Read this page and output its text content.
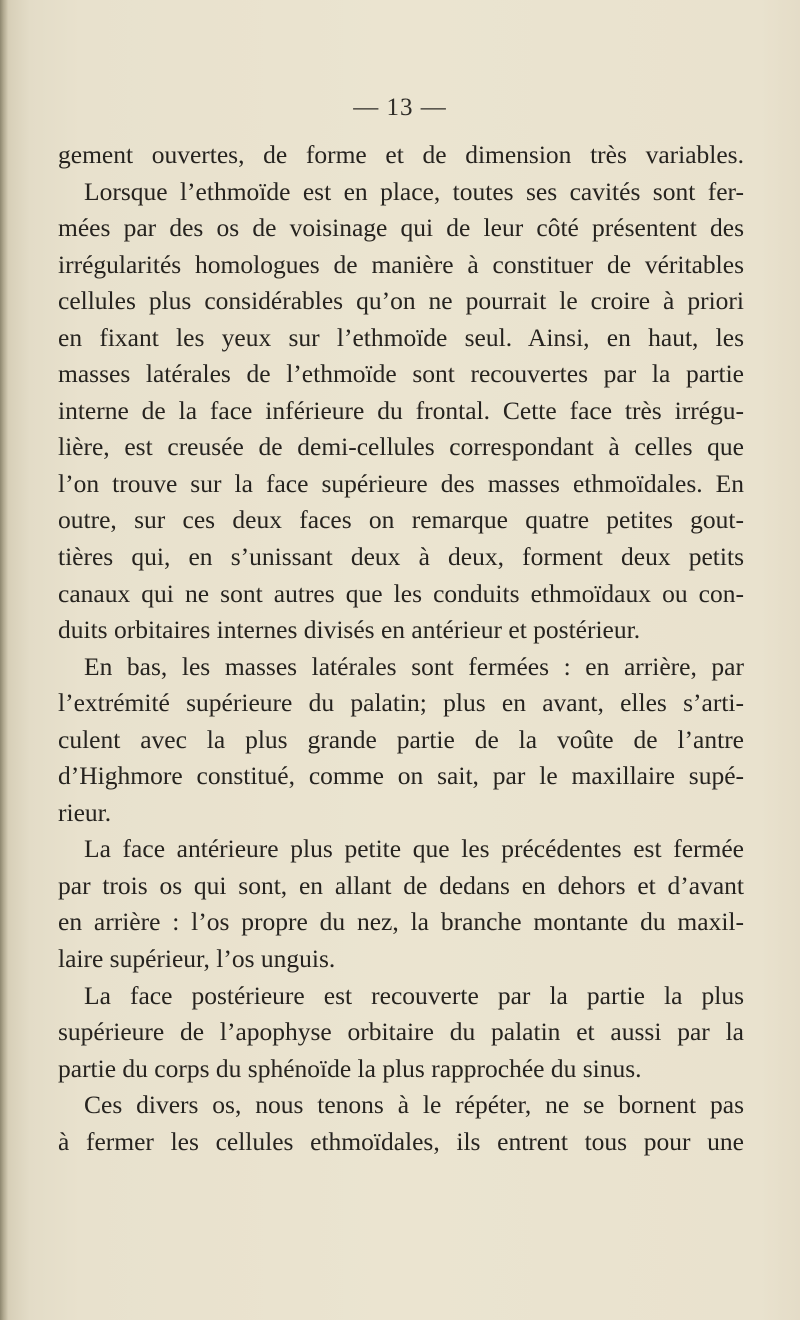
— 13 —
gement ouvertes, de forme et de dimension très variables.
Lorsque l’ethmoïde est en place, toutes ses cavités sont fer-
mées par des os de voisinage qui de leur côté présentent des
irrégularités homologues de manière à constituer de véritables
cellules plus considérables qu’on ne pourrait le croire à priori
en fixant les yeux sur l’ethmoïde seul. Ainsi, en haut, les
masses latérales de l’ethmoïde sont recouvertes par la partie
interne de la face inférieure du frontal. Cette face très irrégu-
lière, est creusée de demi-cellules correspondant à celles que
l’on trouve sur la face supérieure des masses ethmoïdales. En
outre, sur ces deux faces on remarque quatre petites gout-
tières qui, en s’unissant deux à deux, forment deux petits
canaux qui ne sont autres que les conduits ethmoïdaux ou con-
duits orbitaires internes divisés en antérieur et postérieur.
En bas, les masses latérales sont fermées : en arrière, par
l’extrémité supérieure du palatin; plus en avant, elles s’arti-
culent avec la plus grande partie de la voûte de l’antre
d’Highmore constitué, comme on sait, par le maxillaire supé-
rieur.
La face antérieure plus petite que les précédentes est fermée
par trois os qui sont, en allant de dedans en dehors et d’avant
en arrière : l’os propre du nez, la branche montante du maxil-
laire supérieur, l’os unguis.
La face postérieure est recouverte par la partie la plus
supérieure de l’apophyse orbitaire du palatin et aussi par la
partie du corps du sphénoïde la plus rapprochée du sinus.
Ces divers os, nous tenons à le répéter, ne se bornent pas
à fermer les cellules ethmoïdales, ils entrent tous pour une
